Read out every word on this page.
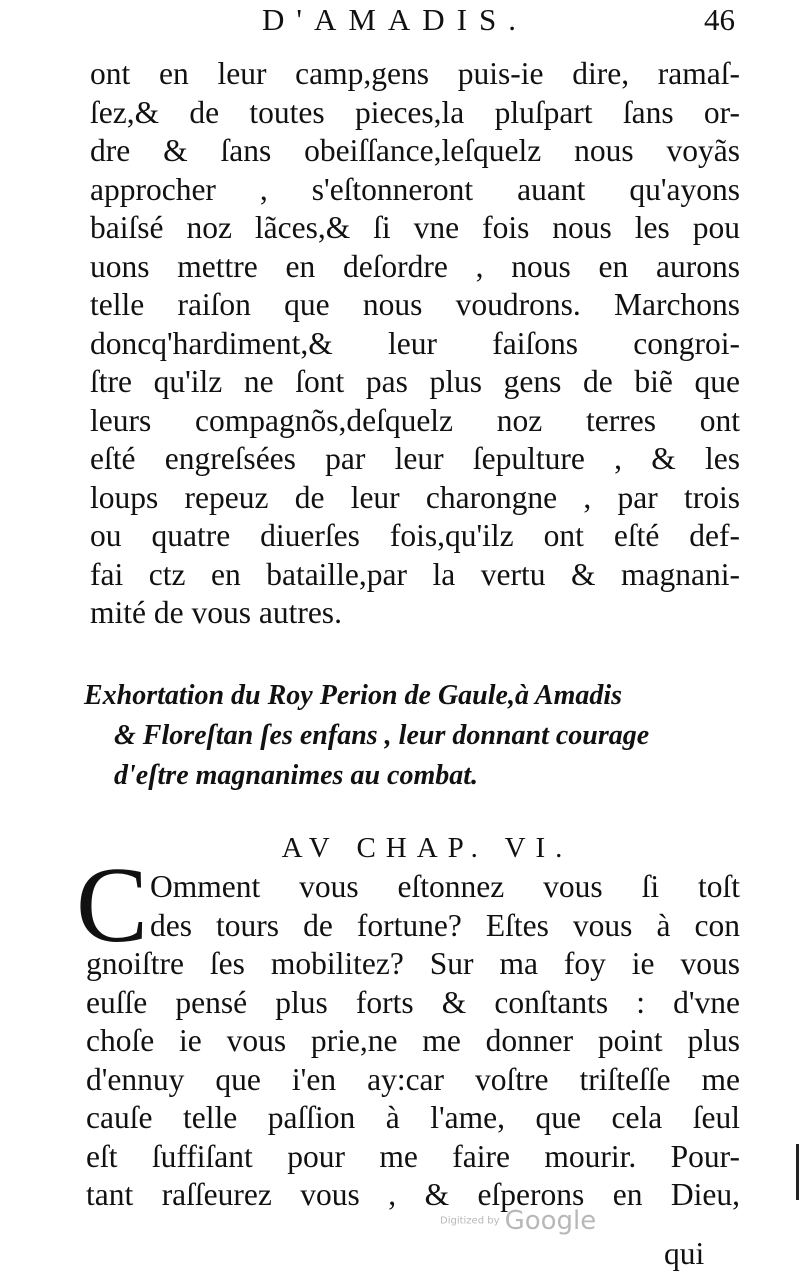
D'AMADIS.	46
ont en leur camp,gens puis-ie dire, ramaſ-
ſez,& de toutes pieces,la pluſpart ſans or-
dre & ſans obeiſſance,leſquelz nous voyãs
approcher , s'eſtonneront auant qu'ayons
baiſsé noz lãces,& ſi vne fois nous les pou
uons mettre en deſordre , nous en aurons
telle raiſon que nous voudrons. Marchons
doncq'hardiment,& leur faiſons congroi-
ſtre qu'ilz ne ſont pas plus gens de biẽ que
leurs compagnõs,deſquelz noz terres ont
eſté engreſsées par leur ſepulture , & les
loups repeuz de leur charongne , par trois
ou quatre diuerſes fois,qu'ilz ont eſté def-
fai ctz en bataille,par la vertu & magnani-
mité de vous autres.
Exhortation du Roy Perion de Gaule,à Amadis
& Floreſtan ſes enfans , leur donnant courage
d'eſtre magnanimes au combat.
AV CHAP. VI.
C Omment vous eſtonnez vous ſi toſt
des tours de fortune? Eſtes vous à con
gnoiſtre ſes mobilitez? Sur ma foy ie vous
euſſe pensé plus forts & conſtants : d'vne
choſe ie vous prie,ne me donner point plus
d'ennuy que i'en ay:car voſtre triſteſſe me
cauſe telle paſſion à l'ame, que cela ſeul
eſt ſuffiſant pour me faire mourir. Pour-
tant raſſeurez vous , & eſperons en Dieu,
Digitized by Google
qui
